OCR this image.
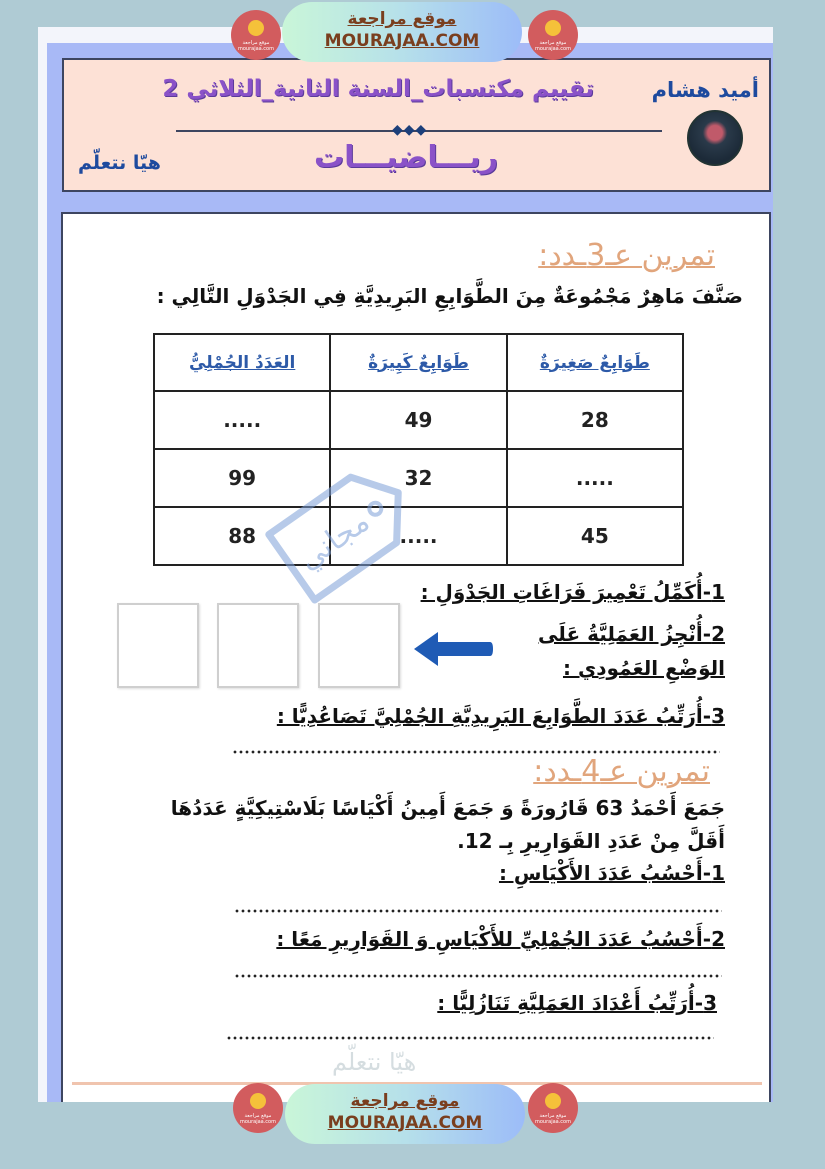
أميد هشام
تقييم مكتسبات_السنة الثانية_الثلاثي 2
◆◆◆
ريـــاضيـــات
هيّا نتعلّم
تمرين عـ3ـدد:
صَنَّفَ مَاهِرٌ مَجْمُوعَةٌ مِنَ الطَّوَابِعِ البَرِيدِيَّةِ فِي الجَدْوَلِ التَّالِي :
طَوَابِعٌ صَغِيرَةٌ	طَوَابِعٌ كَبِيرَةٌ	العَدَدُ الجُمْلِيُّ
28	49	.....
.....	32	99
45	.....	88 مجاني
1-أُكَمِّلُ تَعْمِيرَ فَرَاغَاتِ الجَدْوَلِ :
2-أُنْجِزُ العَمَلِيَّةُ عَلَى
الوَضْعِ العَمُودِي :
3-أُرَتِّبُ عَدَدَ الطَّوَابِعَ البَرِيدِيَّةِ الجُمْلِيَّ تَصَاعُدِيًّا :
تمرين عـ4ـدد:
جَمَعَ أَحْمَدُ 63 قَارُورَةً وَ جَمَعَ أَمِينُ أَكْيَاسًا بَلَاسْتِيكِيَّةٍ عَدَدُهَا
أَقَلَّ مِنْ عَدَدِ القَوَارِيرِ بِـ 12.
1-أَحْسُبُ عَدَدَ الأَكْيَاسِ :
2-أَحْسُبُ عَدَدَ الجُمْلِيِّ للأَكْيَاسِ وَ القَوَارِيرِ مَعًا :
3-أُرَتِّبُ أَعْدَادَ العَمَلِيَّةِ تَنَازُلِيًّا :
هيّا نتعلّم
موقع مراجعة mourajaa.com
موقع مراجعة
MOURAJAA.COM	موقع مراجعة mourajaa.com
موقع مراجعة mourajaa.com
موقع مراجعة
MOURAJAA.COM	موقع مراجعة mourajaa.com
